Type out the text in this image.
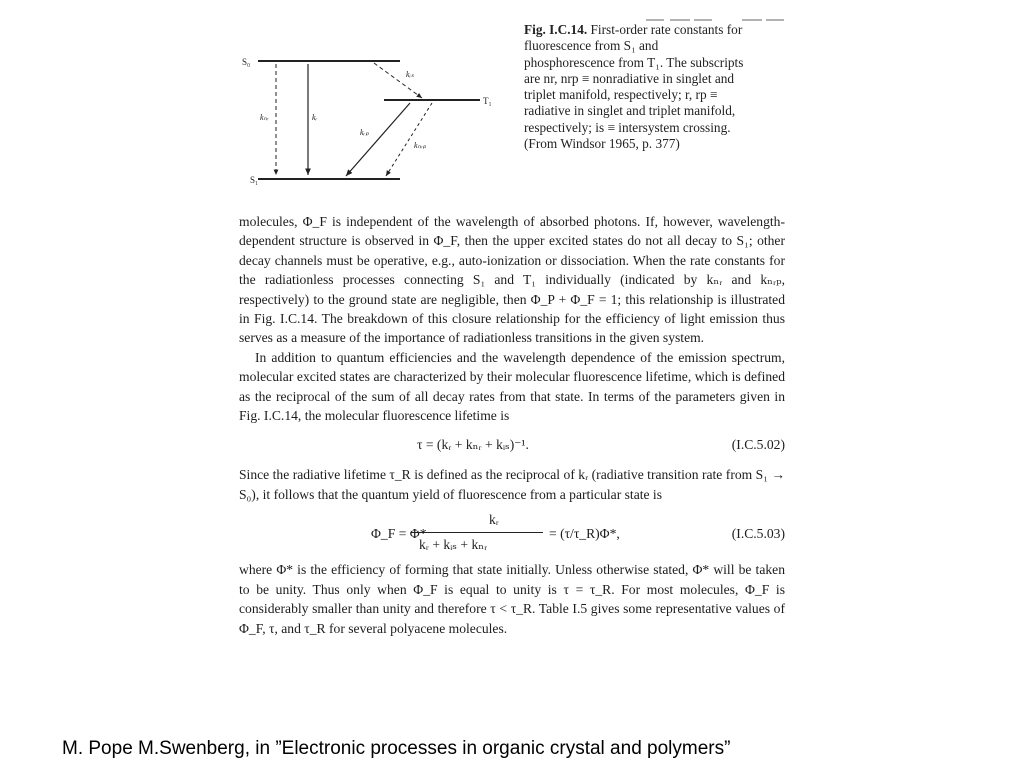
S₀
T₁
S₁
kₙᵣ	kᵣ
kᵢₛ
kᵣₚ
kₙᵣₚ
Fig. I.C.14. First-order rate constants for fluorescence from S₁ and phosphorescence from T₁. The subscripts are nr, nrp ≡ nonradiative in singlet and triplet manifold, respectively; r, rp ≡ radiative in singlet and triplet manifold, respectively; is ≡ intersystem crossing. (From Windsor 1965, p. 377)

molecules, Φ_F is independent of the wavelength of absorbed photons. If, however, wavelength-dependent structure is observed in Φ_F, then the upper excited states do not all decay to S₁; other decay channels must be operative, e.g., auto-ionization or dissociation. When the rate constants for the radiationless processes connecting S₁ and T₁ individually (indicated by kₙᵣ and kₙᵣₚ, respectively) to the ground state are negligible, then Φ_P + Φ_F = 1; this relationship is illustrated in Fig. I.C.14. The breakdown of this closure relationship for the efficiency of light emission thus serves as a measure of the importance of radiationless transitions in the given system.

In addition to quantum efficiencies and the wavelength dependence of the emission spectrum, molecular excited states are characterized by their molecular fluorescence lifetime, which is defined as the reciprocal of the sum of all decay rates from that state. In terms of the parameters given in Fig. I.C.14, the molecular fluorescence lifetime is

τ = (kᵣ + kₙᵣ + kᵢₛ)⁻¹.	(I.C.5.02)

Since the radiative lifetime τ_R is defined as the reciprocal of kᵣ (radiative transition rate from S₁ → S₀), it follows that the quantum yield of fluorescence from a particular state is

Φ_F = Φ*
kᵣ
kᵣ + kᵢₛ + kₙᵣ
= (τ/τ_R)Φ*,	(I.C.5.03)

where Φ* is the efficiency of forming that state initially. Unless otherwise stated, Φ* will be taken to be unity. Thus only when Φ_F is equal to unity is τ = τ_R. For most molecules, Φ_F is considerably smaller than unity and therefore τ < τ_R. Table I.5 gives some representative values of Φ_F, τ, and τ_R for several polyacene molecules.

M. Pope M.Swenberg, in ”Electronic processes in organic crystal and polymers”
